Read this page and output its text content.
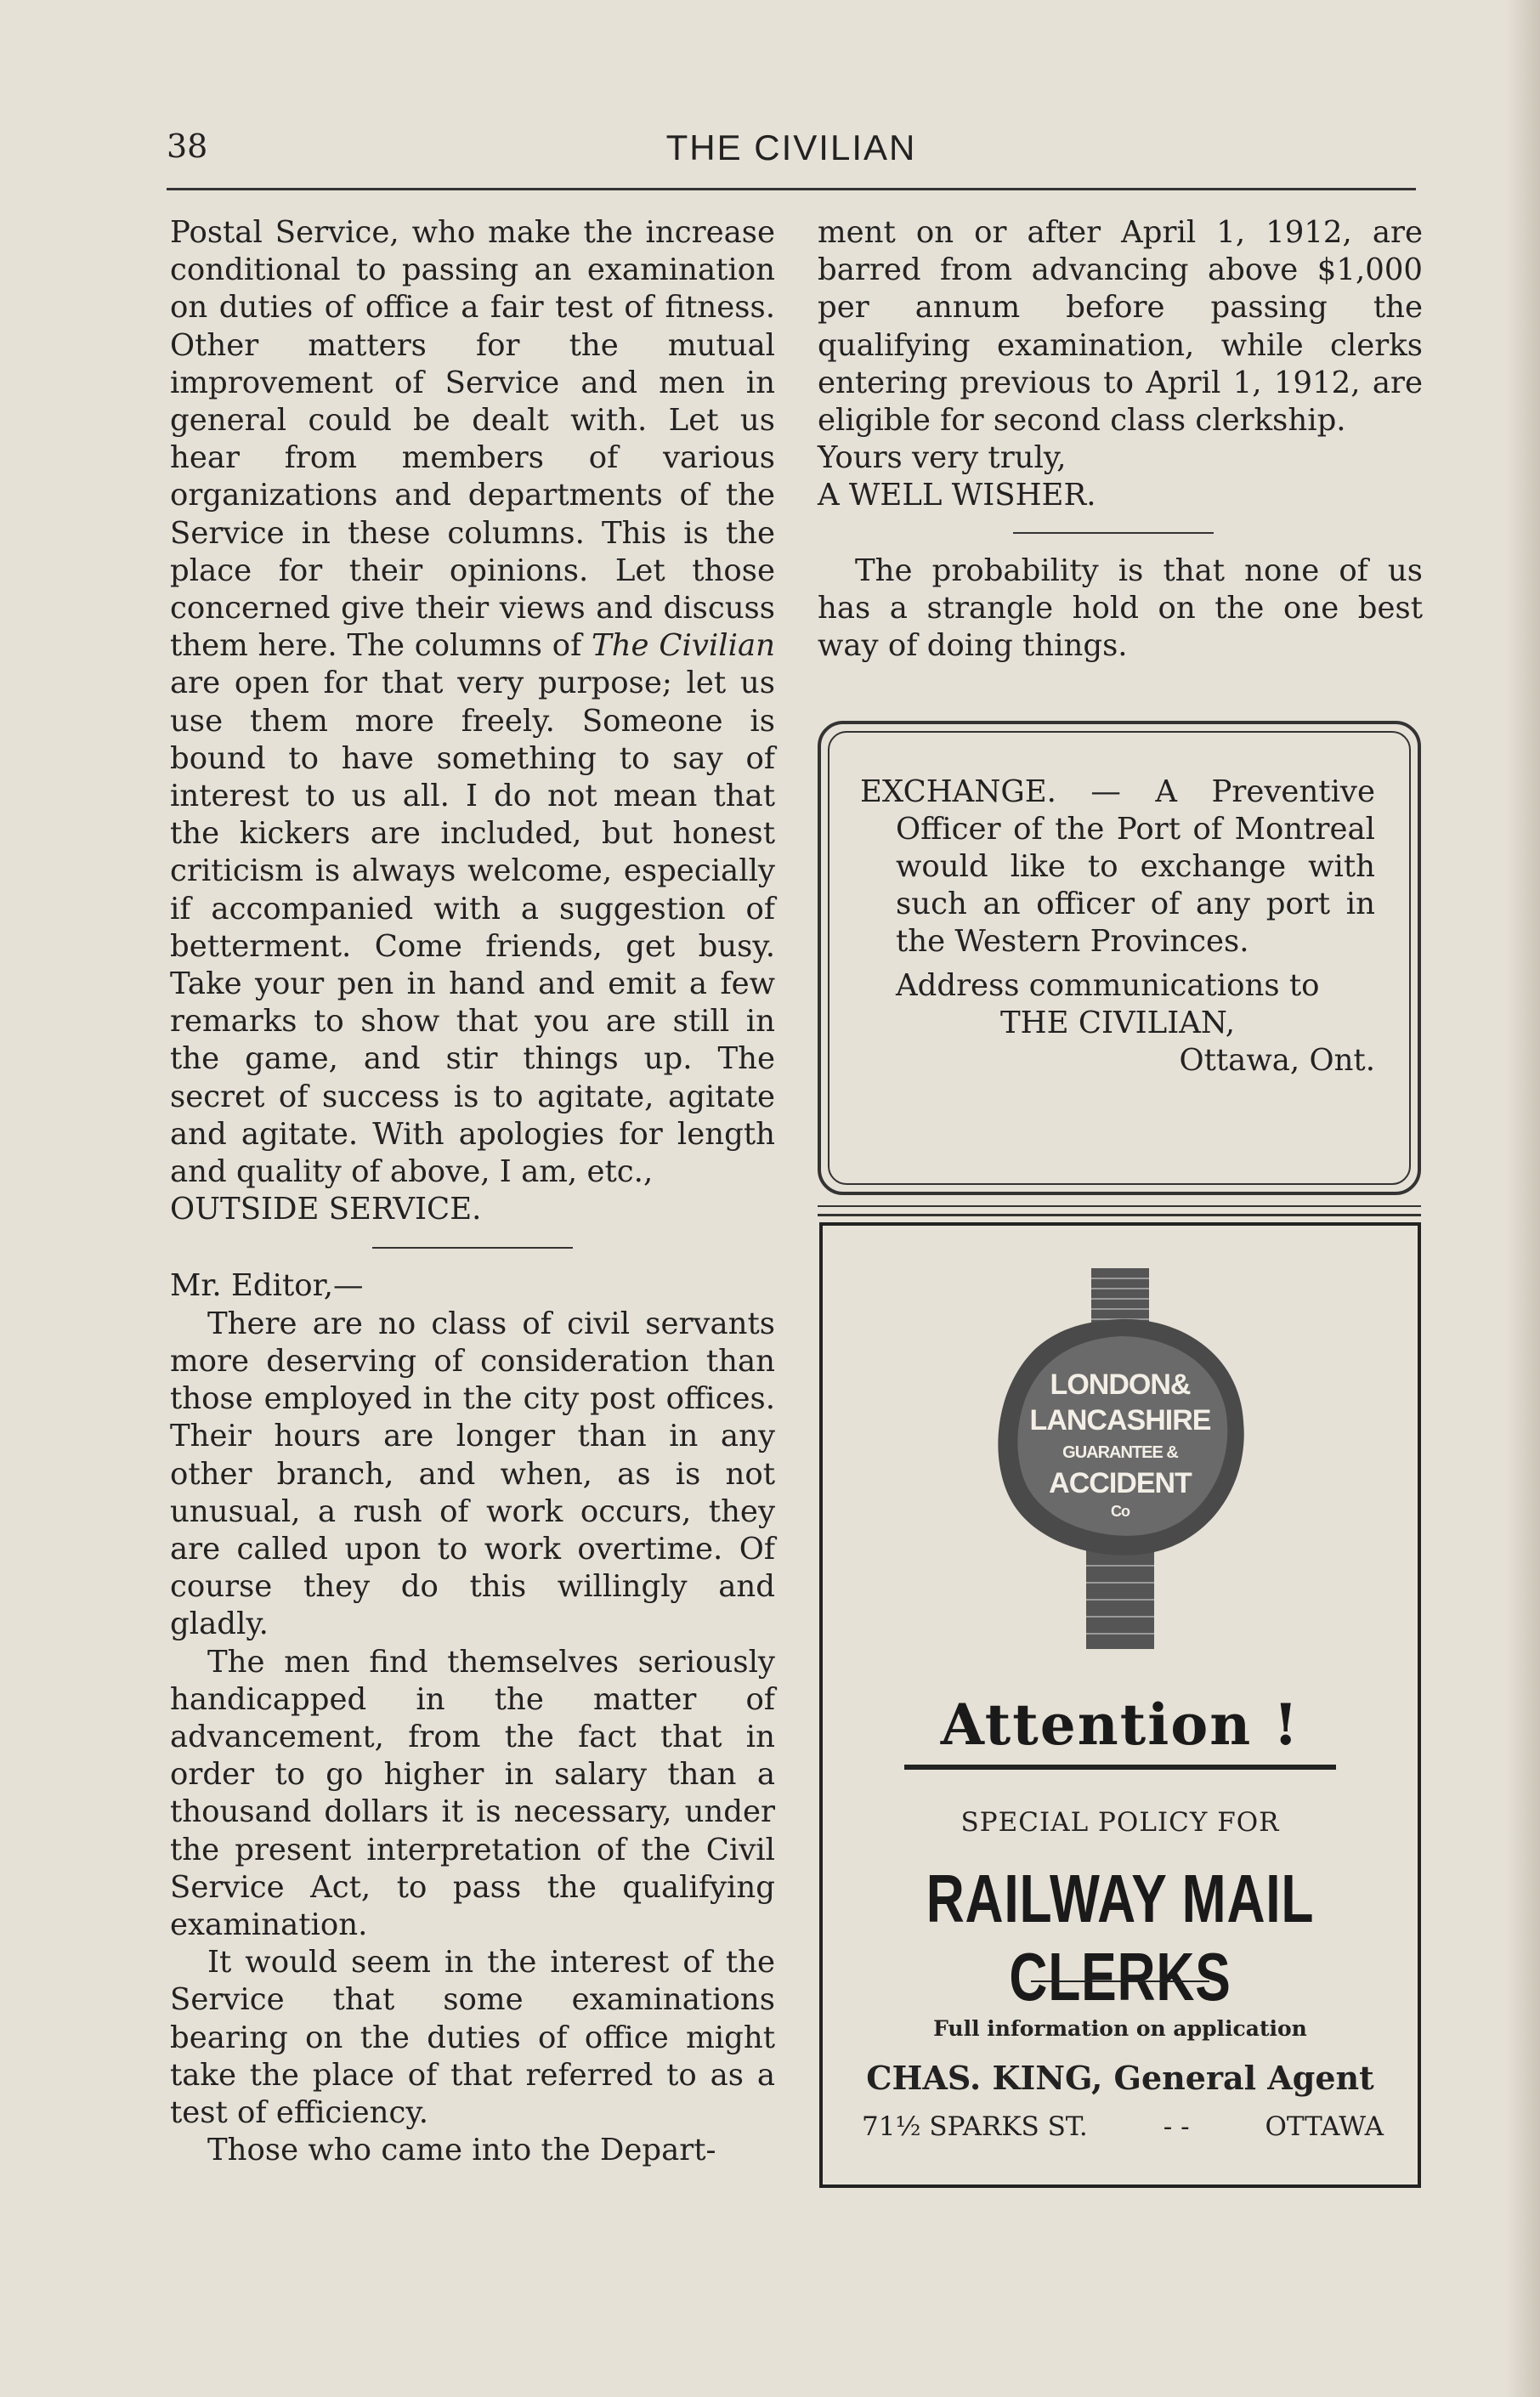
38	THE CIVILIAN

Postal Service, who make the increase conditional to passing an examination on duties of office a fair test of fitness. Other matters for the mutual improvement of Service and men in general could be dealt with. Let us hear from members of various organizations and departments of the Service in these columns. This is the place for their opinions. Let those concerned give their views and discuss them here. The columns of The Civilian are open for that very purpose; let us use them more freely. Someone is bound to have something to say of interest to us all. I do not mean that the kickers are included, but honest criticism is always welcome, especially if accompanied with a suggestion of betterment. Come friends, get busy. Take your pen in hand and emit a few remarks to show that you are still in the game, and stir things up. The secret of success is to agitate, agitate and agitate. With apologies for length and quality of above, I am, etc.,

OUTSIDE SERVICE.

Mr. Editor,—

There are no class of civil servants more deserving of consideration than those employed in the city post offices. Their hours are longer than in any other branch, and when, as is not unusual, a rush of work occurs, they are called upon to work overtime. Of course they do this willingly and gladly.

The men find themselves seriously handicapped in the matter of advancement, from the fact that in order to go higher in salary than a thousand dollars it is necessary, under the present interpretation of the Civil Service Act, to pass the qualifying examination.

It would seem in the interest of the Service that some examinations bearing on the duties of office might take the place of that referred to as a test of efficiency.

Those who came into the Depart-

ment on or after April 1, 1912, are barred from advancing above $1,000 per annum before passing the qualifying examination, while clerks entering previous to April 1, 1912, are eligible for second class clerkship.

Yours very truly,

A WELL WISHER.

The probability is that none of us has a strangle hold on the one best way of doing things.

EXCHANGE. — A Preventive Officer of the Port of Montreal would like to exchange with such an officer of any port in the Western Provinces.

Address communications to

THE CIVILIAN,

Ottawa, Ont.

LONDON&
LANCASHIRE
GUARANTEE &
ACCIDENT
Co
Attention !
SPECIAL POLICY FOR
RAILWAY MAIL CLERKS
Full information on application
CHAS. KING, General Agent
71½ SPARKS ST.	- -	OTTAWA
